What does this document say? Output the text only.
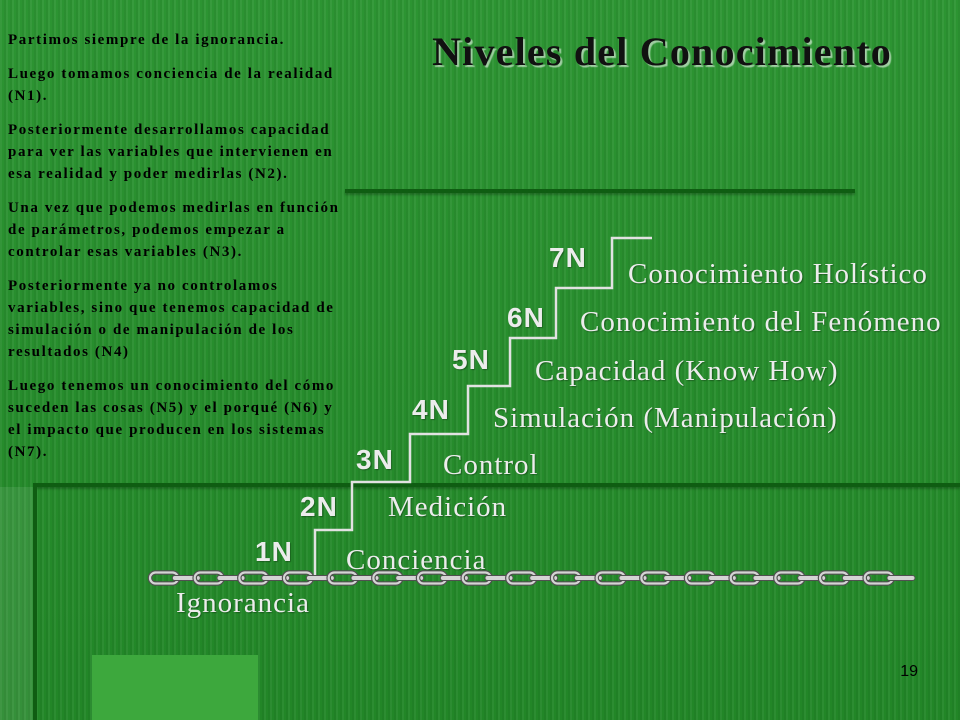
Partimos siempre de la ignorancia.

Luego tomamos conciencia de la realidad
(N1).

Posteriormente desarrollamos capacidad
para ver las variables que intervienen en
esa realidad y poder medirlas (N2).

Una vez que podemos medirlas en función
de parámetros, podemos empezar a
controlar esas variables (N3).

Posteriormente ya no controlamos
variables, sino que tenemos capacidad de
simulación o de manipulación de los
resultados (N4)

Luego tenemos un conocimiento del cómo
suceden las cosas (N5) y el porqué (N6) y
el impacto que producen en los sistemas
(N7).

Niveles del Conocimiento
Ignorancia
1N Conciencia
2N Medición
3N Control
4N Simulación (Manipulación)
5N Capacidad (Know How)
6N Conocimiento del Fenómeno
7N
Conocimiento Holístico
19
